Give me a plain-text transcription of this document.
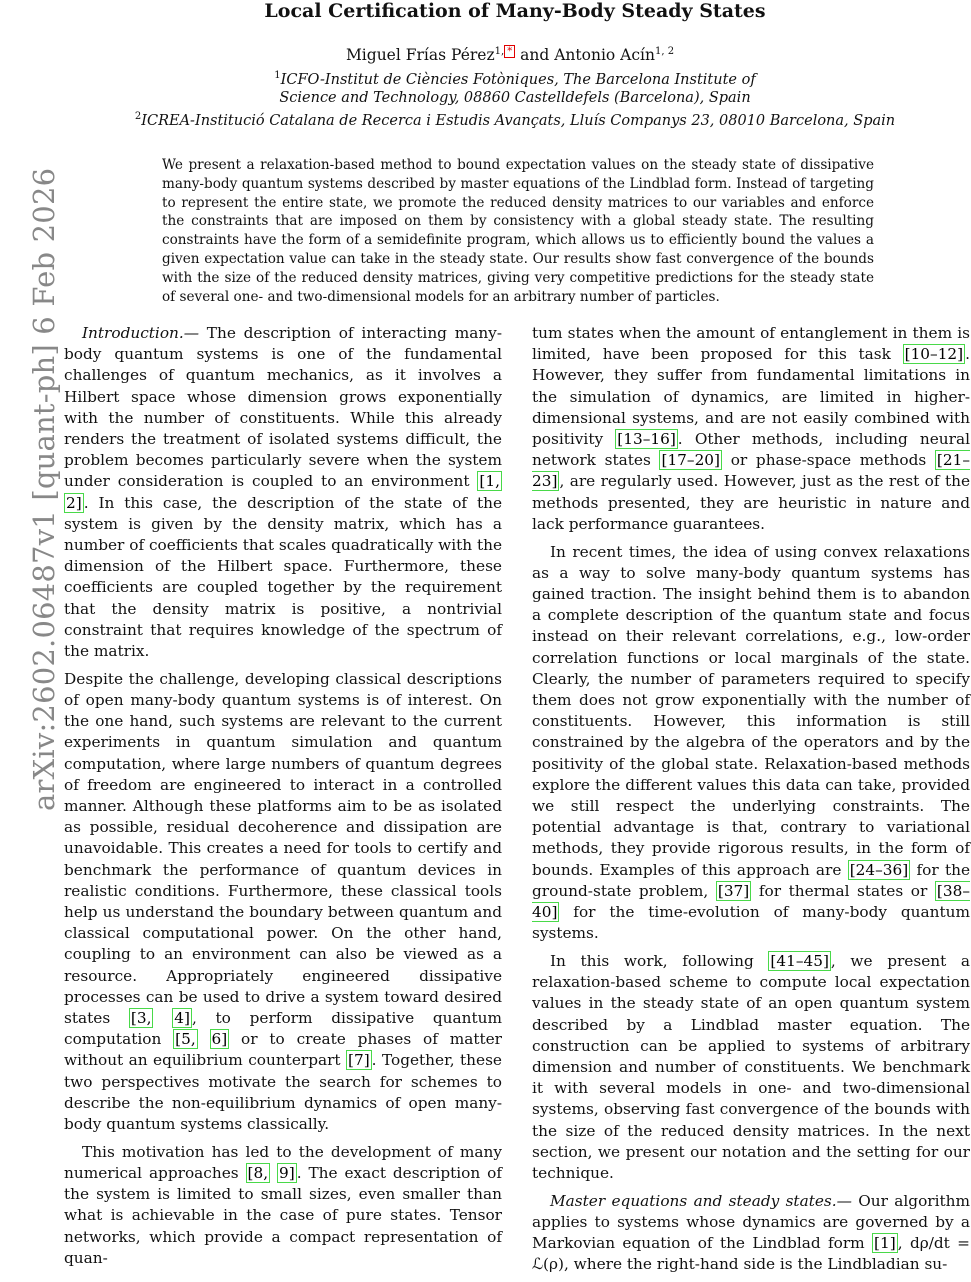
Local Certification of Many-Body Steady States
Miguel Frías Pérez$^{1, *}$ and Antonio Acín$^{1, 2}$
$^1$ICFO-Institut de Ciències Fotòniques, The Barcelona Institute of
Science and Technology, 08860 Castelldefels (Barcelona), Spain
$^2$ICREA-Institució Catalana de Recerca i Estudis Avançats, Lluís Companys 23, 08010 Barcelona, Spain
We present a relaxation-based method to bound expectation values on the steady state of dissipative many-body quantum systems described by master equations of the Lindblad form. Instead of targeting to represent the entire state, we promote the reduced density matrices to our variables and enforce the constraints that are imposed on them by consistency with a global steady state. The resulting constraints have the form of a semidefinite program, which allows us to efficiently bound the values a given expectation value can take in the steady state. Our results show fast convergence of the bounds with the size of the reduced density matrices, giving very competitive predictions for the steady state of several one- and two-dimensional models for an arbitrary number of particles.
arXiv:2602.06487v1 [quant-ph] 6 Feb 2026	Introduction.— The description of interacting many-body quantum systems is one of the fundamental challenges of quantum mechanics, as it involves a Hilbert space whose dimension grows exponentially with the number of constituents. While this already renders the treatment of isolated systems difficult, the problem becomes particularly severe when the system under consideration is coupled to an environment [1, 2] . In this case, the description of the state of the system is given by the density matrix, which has a number of coefficients that scales quadratically with the dimension of the Hilbert space. Furthermore, these coefficients are coupled together by the requirement that the density matrix is positive, a nontrivial constraint that requires knowledge of the spectrum of the matrix.

Despite the challenge, developing classical descriptions of open many-body quantum systems is of interest. On the one hand, such systems are relevant to the current experiments in quantum simulation and quantum computation, where large numbers of quantum degrees of freedom are engineered to interact in a controlled manner. Although these platforms aim to be as isolated as possible, residual decoherence and dissipation are unavoidable. This creates a need for tools to certify and benchmark the performance of quantum devices in realistic conditions. Furthermore, these classical tools help us understand the boundary between quantum and classical computational power. On the other hand, coupling to an environment can also be viewed as a resource. Appropriately engineered dissipative processes can be used to drive a system toward desired states [3, 4] , to perform dissipative quantum computation [5, 6] or to create phases of matter without an equilibrium counterpart [7] . Together, these two perspectives motivate the search for schemes to describe the non-equilibrium dynamics of open many-body quantum systems classically.

This motivation has led to the development of many numerical approaches [8, 9] . The exact description of the system is limited to small sizes, even smaller than what is achievable in the case of pure states. Tensor networks, which provide a compact representation of quan-

tum states when the amount of entanglement in them is limited, have been proposed for this task [10–12] . However, they suffer from fundamental limitations in the simulation of dynamics, are limited in higher-dimensional systems, and are not easily combined with positivity [13–16] . Other methods, including neural network states [17–20] or phase-space methods [21–23] , are regularly used. However, just as the rest of the methods presented, they are heuristic in nature and lack performance guarantees.

In recent times, the idea of using convex relaxations as a way to solve many-body quantum systems has gained traction. The insight behind them is to abandon a complete description of the quantum state and focus instead on their relevant correlations, e.g., low-order correlation functions or local marginals of the state. Clearly, the number of parameters required to specify them does not grow exponentially with the number of constituents. However, this information is still constrained by the algebra of the operators and by the positivity of the global state. Relaxation-based methods explore the different values this data can take, provided we still respect the underlying constraints. The potential advantage is that, contrary to variational methods, they provide rigorous results, in the form of bounds. Examples of this approach are [24–36] for the ground-state problem, [37] for thermal states or [38–40] for the time-evolution of many-body quantum systems.

In this work, following [41–45] , we present a relaxation-based scheme to compute local expectation values in the steady state of an open quantum system described by a Lindblad master equation. The construction can be applied to systems of arbitrary dimension and number of constituents. We benchmark it with several models in one- and two-dimensional systems, observing fast convergence of the bounds with the size of the reduced density matrices. In the next section, we present our notation and the setting for our technique.

Master equations and steady states.— Our algorithm applies to systems whose dynamics are governed by a Markovian equation of the Lindblad form [1] , dρ/dt = ℒ(ρ), where the right-hand side is the Lindbladian su-
